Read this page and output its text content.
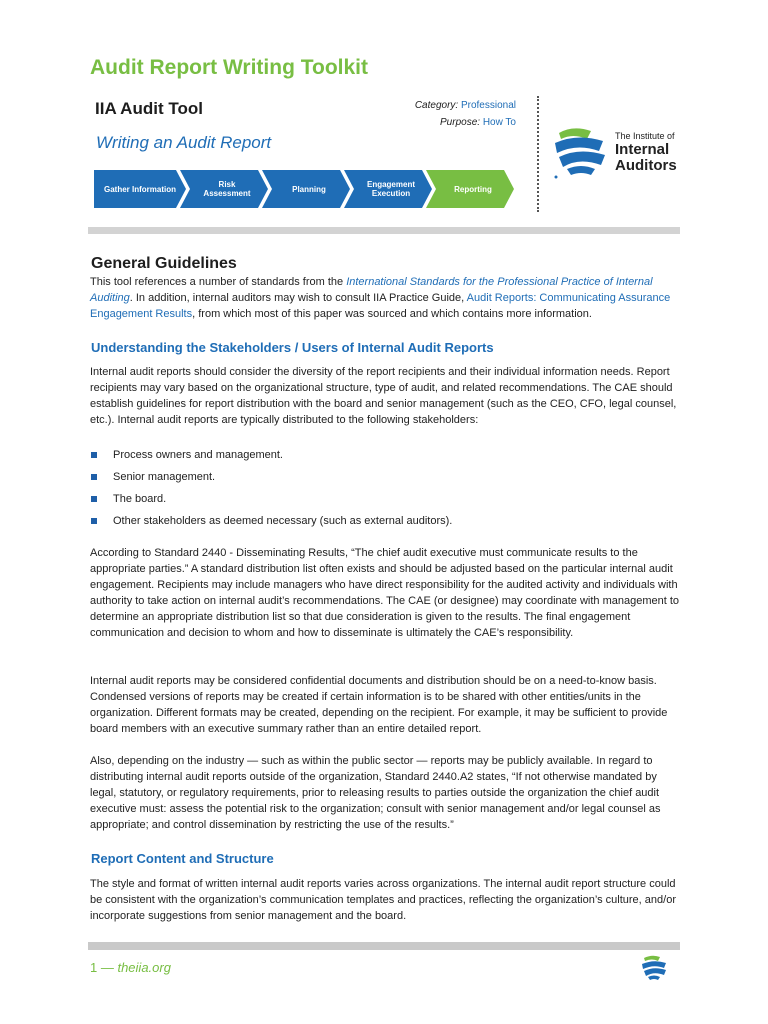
Audit Report Writing Toolkit
IIA Audit Tool
Writing an Audit Report
Category: Professional
Purpose: How To
The Institute of
Internal
Auditors
Gather Information	Risk
Assessment	Planning	Engagement
Execution	Reporting
General Guidelines

This tool references a number of standards from the International Standards for the Professional Practice of Internal Auditing. In addition, internal auditors may wish to consult IIA Practice Guide, Audit Reports: Communicating Assurance Engagement Results, from which most of this paper was sourced and which contains more information.

Understanding the Stakeholders / Users of Internal Audit Reports

Internal audit reports should consider the diversity of the report recipients and their individual information needs. Report recipients may vary based on the organizational structure, type of audit, and related recommendations. The CAE should establish guidelines for report distribution with the board and senior management (such as the CEO, CFO, legal counsel, etc.). Internal audit reports are typically distributed to the following stakeholders:

Process owners and management.
Senior management.
The board.
Other stakeholders as deemed necessary (such as external auditors).

According to Standard 2440 - Disseminating Results, “The chief audit executive must communicate results to the appropriate parties.” A standard distribution list often exists and should be adjusted based on the particular internal audit engagement. Recipients may include managers who have direct responsibility for the audited activity and individuals with authority to take action on internal audit’s recommendations. The CAE (or designee) may coordinate with management to determine an appropriate distribution list so that due consideration is given to the results. The final engagement communication and decision to whom and how to disseminate is ultimately the CAE’s responsibility.

Internal audit reports may be considered confidential documents and distribution should be on a need-to-know basis. Condensed versions of reports may be created if certain information is to be shared with other entities/units in the organization. Different formats may be created, depending on the recipient. For example, it may be sufficient to provide board members with an executive summary rather than an entire detailed report.

Also, depending on the industry — such as within the public sector — reports may be publicly available. In regard to distributing internal audit reports outside of the organization, Standard 2440.A2 states, “If not otherwise mandated by legal, statutory, or regulatory requirements, prior to releasing results to parties outside the organization the chief audit executive must: assess the potential risk to the organization; consult with senior management and/or legal counsel as appropriate; and control dissemination by restricting the use of the results.”

Report Content and Structure

The style and format of written internal audit reports varies across organizations. The internal audit report structure could be consistent with the organization’s communication templates and practices, reflecting the organization’s culture, and/or incorporate suggestions from senior management and the board.

1 — theiia.org
